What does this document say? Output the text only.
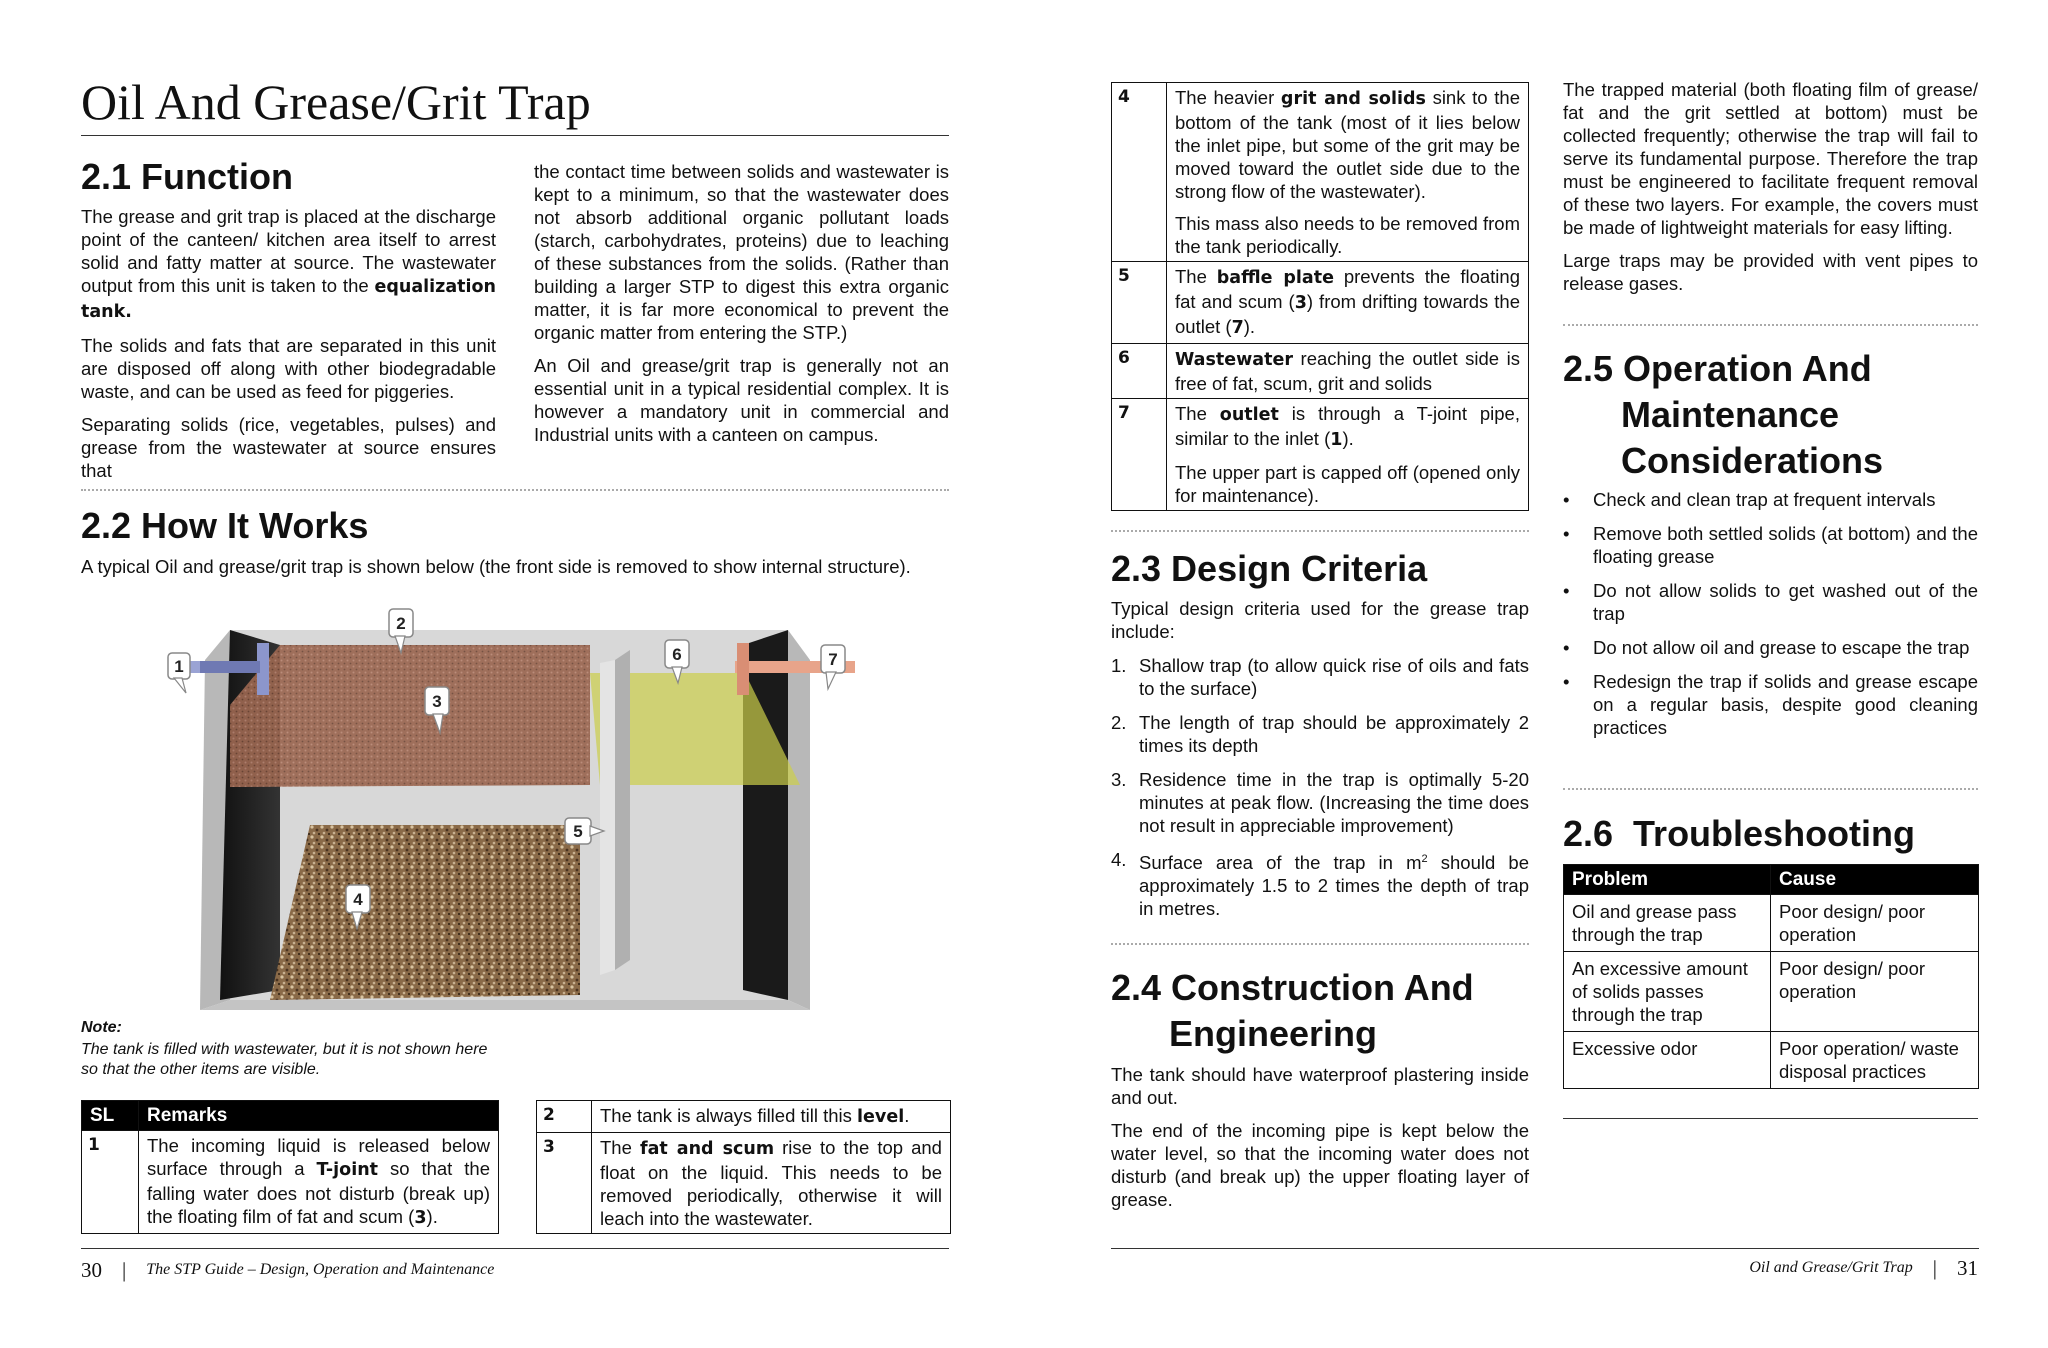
Oil And Grease/Grit Trap
2.1 Function

The grease and grit trap is placed at the discharge point of the canteen/ kitchen area itself to arrest solid and fatty matter at source. The wastewater output from this unit is taken to the equalization tank.

The solids and fats that are separated in this unit are disposed off along with other biodegradable waste, and can be used as feed for piggeries.

Separating solids (rice, vegetables, pulses) and grease from the wastewater at source ensures that

the contact time between solids and wastewater is kept to a minimum, so that the wastewater does not absorb additional organic pollutant loads (starch, carbohydrates, proteins) due to leaching of these substances from the solids. (Rather than building a larger STP to digest this extra organic matter, it is far more economical to prevent the organic matter from entering the STP.)

An Oil and grease/grit trap is generally not an essential unit in a typical residential complex. It is however a mandatory unit in commercial and Industrial units with a canteen on campus.

2.2 How It Works

A typical Oil and grease/grit trap is shown below (the front side is removed to show internal structure).

1
2
3
4
5
6	7
Note:
The tank is filled with wastewater, but it is not shown here so that the other items are visible.
SL	Remarks
1	The incoming liquid is released below surface through a T-joint so that the falling water does not disturb (break up) the floating film of fat and scum (3).
2	The tank is always filled till this level.
3	The fat and scum rise to the top and float on the liquid. This needs to be removed periodically, otherwise it will leach into the wastewater.
30 | The STP Guide – Design, Operation and Maintenance
4	The heavier grit and solids sink to the bottom of the tank (most of it lies below the inlet pipe, but some of the grit may be moved toward the outlet side due to the strong flow of the wastewater).

This mass also needs to be removed from the tank periodically.

5	The baffle plate prevents the floating fat and scum (3) from drifting towards the outlet (7).
6	Wastewater reaching the outlet side is free of fat, scum, grit and solids
7	The outlet is through a T-joint pipe, similar to the inlet (1).

The upper part is capped off (opened only for maintenance).

2.3 Design Criteria

Typical design criteria used for the grease trap include:

1. Shallow trap (to allow quick rise of oils and fats to the surface)
2. The length of trap should be approximately 2 times its depth
3. Residence time in the trap is optimally 5-20 minutes at peak flow. (Increasing the time does not result in appreciable improvement)
4. Surface area of the trap in $m^2$ should be approximately 1.5 to 2 times the depth of trap in metres.
2.4 Construction And
Engineering

The tank should have waterproof plastering inside and out.

The end of the incoming pipe is kept below the water level, so that the incoming water does not disturb (and break up) the upper floating layer of grease.

The trapped material (both floating film of grease/ fat and the grit settled at bottom) must be collected frequently; otherwise the trap will fail to serve its fundamental purpose. Therefore the trap must be engineered to facilitate frequent removal of these two layers. For example, the covers must be made of lightweight materials for easy lifting.

Large traps may be provided with vent pipes to release gases.

2.5 Operation And
Maintenance
Considerations
• Check and clean trap at frequent intervals
• Remove both settled solids (at bottom) and the floating grease
• Do not allow solids to get washed out of the trap
• Do not allow oil and grease to escape the trap
• Redesign the trap if solids and grease escape on a regular basis, despite good cleaning practices
2.6  Troubleshooting
Problem	Cause
Oil and grease pass through the trap	Poor design/ poor operation
An excessive amount of solids passes through the trap	Poor design/ poor operation
Excessive odor	Poor operation/ waste disposal practices
Oil and Grease/Grit Trap | 31
